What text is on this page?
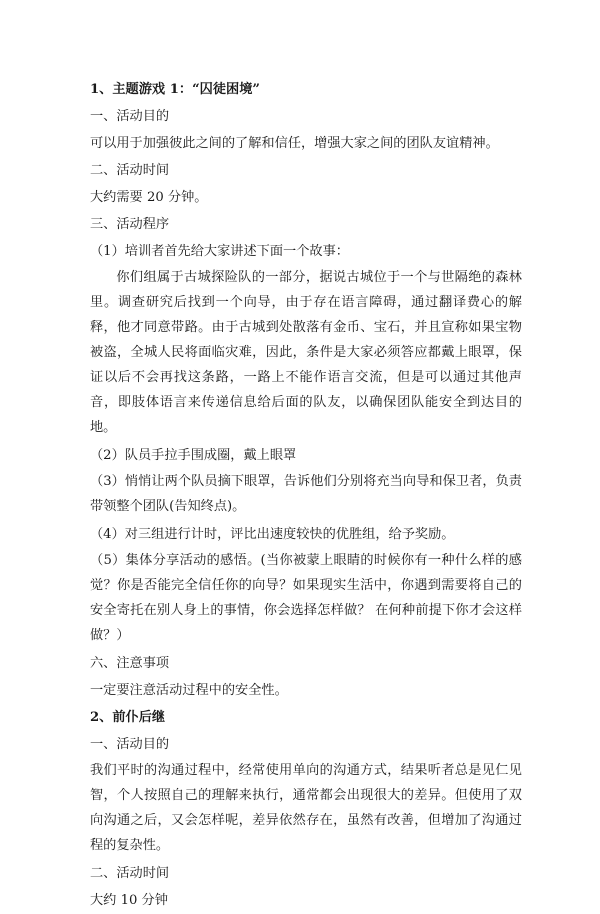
1、主题游戏 1：“囚徒困境”

一、活动目的

可以用于加强彼此之间的了解和信任，增强大家之间的团队友谊精神。

二、活动时间

大约需要 20 分钟。

三、活动程序

（1）培训者首先给大家讲述下面一个故事：

你们组属于古城探险队的一部分，据说古城位于一个与世隔绝的森林里。调查研究后找到一个向导，由于存在语言障碍，通过翻译费心的解释，他才同意带路。由于古城到处散落有金币、宝石，并且宣称如果宝物被盗，全城人民将面临灾难，因此，条件是大家必须答应都戴上眼罩，保证以后不会再找这条路，一路上不能作语言交流，但是可以通过其他声音，即肢体语言来传递信息给后面的队友，以确保团队能安全到达目的地。

（2）队员手拉手围成圈，戴上眼罩

（3）悄悄让两个队员摘下眼罩，告诉他们分别将充当向导和保卫者，负责带领整个团队(告知终点)。

（4）对三组进行计时，评比出速度较快的优胜组，给予奖励。

（5）集体分享活动的感悟。(当你被蒙上眼睛的时候你有一种什么样的感觉？你是否能完全信任你的向导？如果现实生活中，你遇到需要将自己的安全寄托在别人身上的事情，你会选择怎样做？ 在何种前提下你才会这样做？）

六、注意事项

一定要注意活动过程中的安全性。

2、前仆后继

一、活动目的

我们平时的沟通过程中，经常使用单向的沟通方式，结果听者总是见仁见智，个人按照自己的理解来执行，通常都会出现很大的差异。但使用了双向沟通之后，又会怎样呢，差异依然存在，虽然有改善，但增加了沟通过程的复杂性。

二、活动时间

大约 10 分钟
